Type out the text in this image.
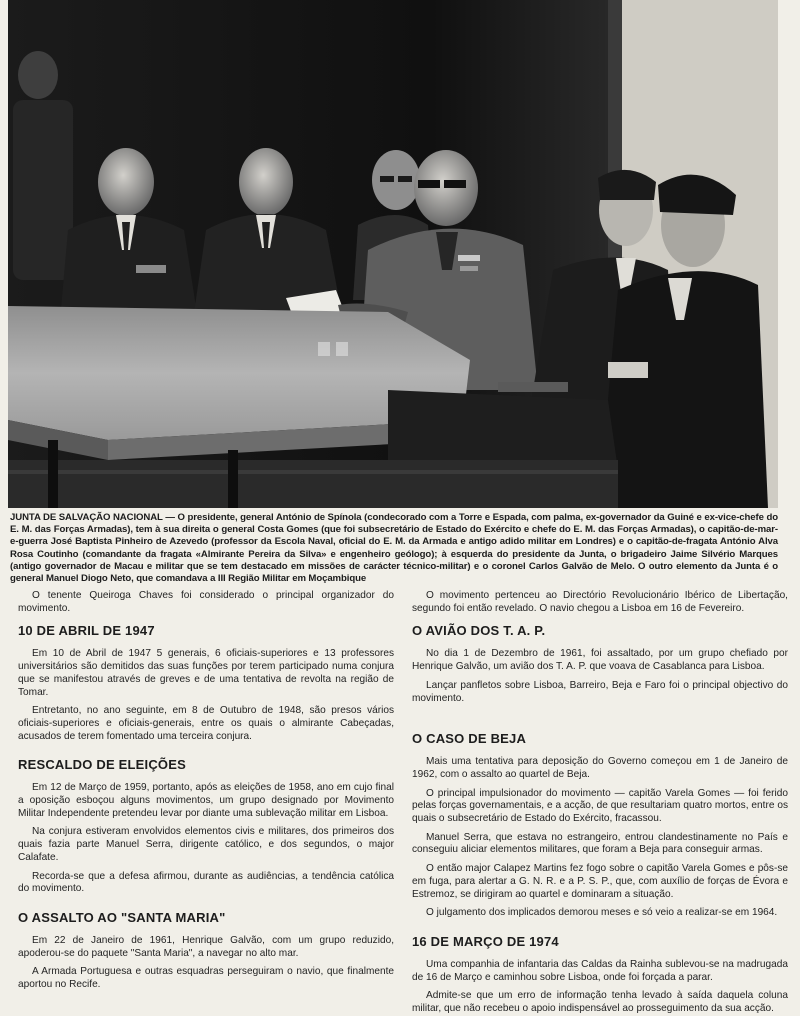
JUNTA DE SALVAÇÃO NACIONAL — O presidente, general António de Spínola (condecorado com a Torre e Espada, com palma, ex-governador da Guiné e ex-vice-chefe do E. M. das Forças Armadas), tem à sua direita o general Costa Gomes (que foi subsecretário de Estado do Exército e chefe do E. M. das Forças Armadas), o capitão-de-mar-e-guerra José Baptista Pinheiro de Azevedo (professor da Escola Naval, oficial do E. M. da Armada e antigo adido militar em Londres) e o capitão-de-fragata António Alva Rosa Coutinho (comandante da fragata «Almirante Pereira da Silva» e engenheiro geólogo); à esquerda do presidente da Junta, o brigadeiro Jaime Silvério Marques (antigo governador de Macau e militar que se tem destacado em missões de carácter técnico-militar) e o coronel Carlos Galvão de Melo. O outro elemento da Junta é o general Manuel Diogo Neto, que comandava a III Região Militar em Moçambique

O tenente Queiroga Chaves foi considerado o principal organizador do movimento.

10 DE ABRIL DE 1947

Em 10 de Abril de 1947 5 generais, 6 oficiais-superiores e 13 professores universitários são demitidos das suas funções por terem participado numa conjura que se manifestou através de greves e de uma tentativa de revolta na região de Tomar.

Entretanto, no ano seguinte, em 8 de Outubro de 1948, são presos vários oficiais-superiores e oficiais-generais, entre os quais o almirante Cabeçadas, acusados de terem fomentado uma terceira conjura.

RESCALDO DE ELEIÇÕES

Em 12 de Março de 1959, portanto, após as eleições de 1958, ano em cujo final a oposição esboçou alguns movimentos, um grupo designado por Movimento Militar Independente pretendeu levar por diante uma sublevação militar em Lisboa.

Na conjura estiveram envolvidos elementos civis e militares, dos primeiros dos quais fazia parte Manuel Serra, dirigente católico, e dos segundos, o major Calafate.

Recorda-se que a defesa afirmou, durante as audiências, a tendência católica do movimento.

O ASSALTO AO "SANTA MARIA"

Em 22 de Janeiro de 1961, Henrique Galvão, com um grupo reduzido, apoderou-se do paquete "Santa Maria", a navegar no alto mar.

A Armada Portuguesa e outras esquadras perseguiram o navio, que finalmente aportou no Recife.

O movimento pertenceu ao Directório Revolucionário Ibérico de Libertação, segundo foi então revelado. O navio chegou a Lisboa em 16 de Fevereiro.

O AVIÃO DOS T. A. P.

No dia 1 de Dezembro de 1961, foi assaltado, por um grupo chefiado por Henrique Galvão, um avião dos T. A. P. que voava de Casablanca para Lisboa.

Lançar panfletos sobre Lisboa, Barreiro, Beja e Faro foi o principal objectivo do movimento.

O CASO DE BEJA

Mais uma tentativa para deposição do Governo começou em 1 de Janeiro de 1962, com o assalto ao quartel de Beja.

O principal impulsionador do movimento — capitão Varela Gomes — foi ferido pelas forças governamentais, e a acção, de que resultariam quatro mortos, entre os quais o subsecretário de Estado do Exército, fracassou.

Manuel Serra, que estava no estrangeiro, entrou clandestinamente no País e conseguiu aliciar elementos militares, que foram a Beja para conseguir armas.

O então major Calapez Martins fez fogo sobre o capitão Varela Gomes e pôs-se em fuga, para alertar a G. N. R. e a P. S. P., que, com auxílio de forças de Évora e Estremoz, se dirigiram ao quartel e dominaram a situação.

O julgamento dos implicados demorou meses e só veio a realizar-se em 1964.

16 DE MARÇO DE 1974

Uma companhia de infantaria das Caldas da Rainha sublevou-se na madrugada de 16 de Março e caminhou sobre Lisboa, onde foi forçada a parar.

Admite-se que um erro de informação tenha levado à saída daquela coluna militar, que não recebeu o apoio indispensável ao prosseguimento da sua acção.
